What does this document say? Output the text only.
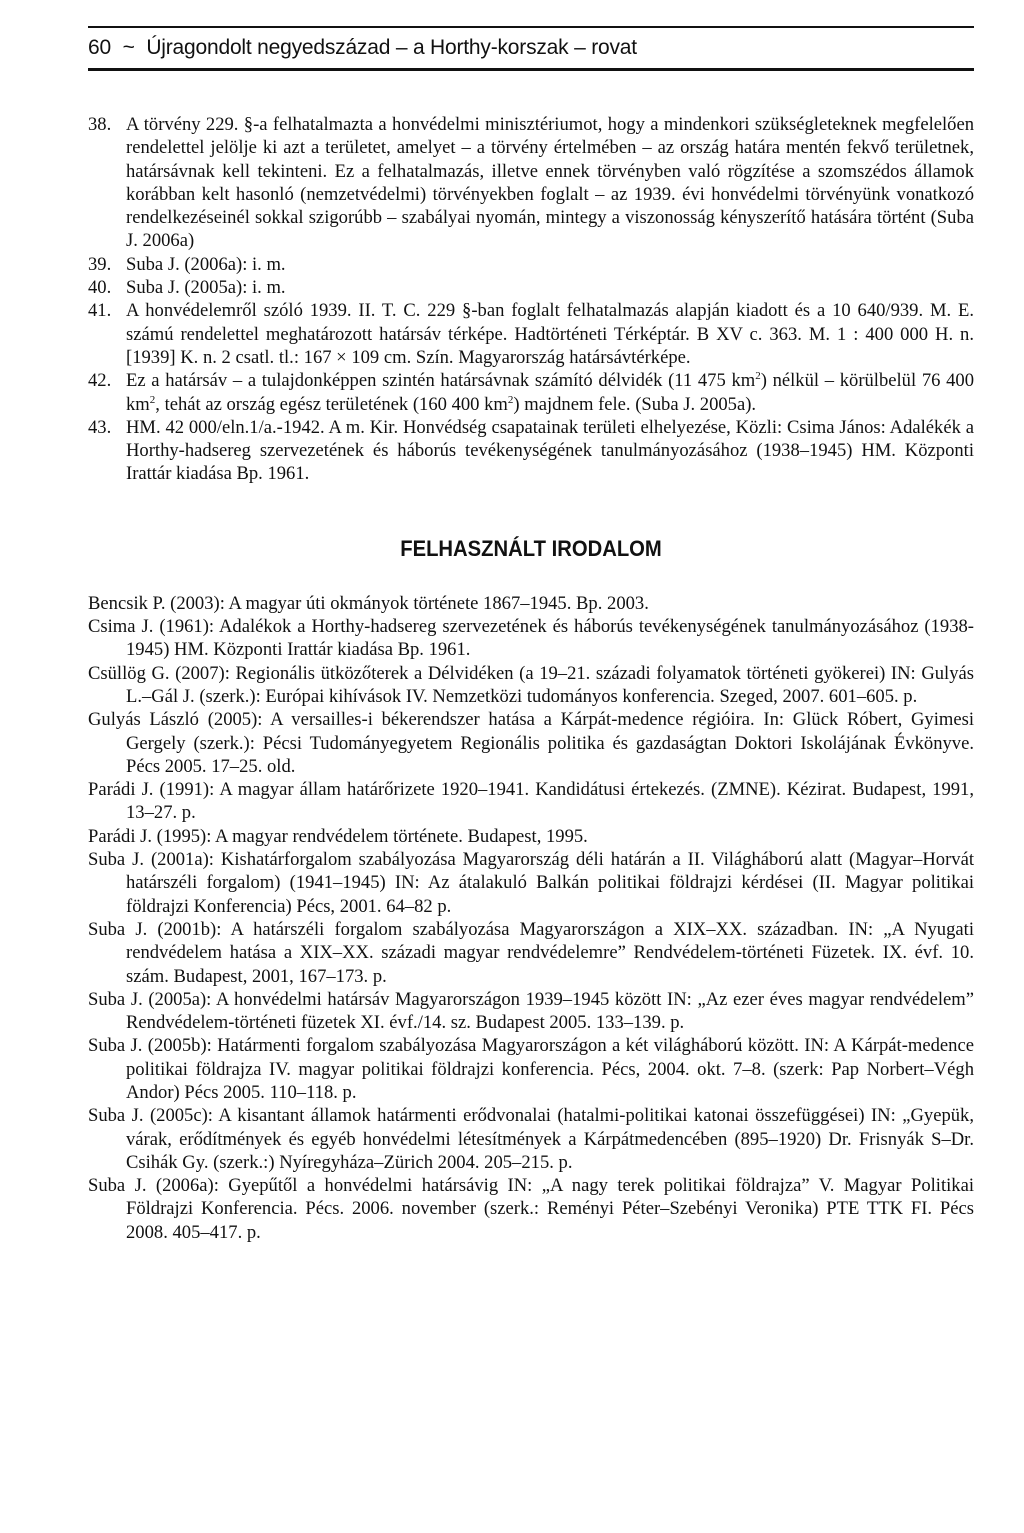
60 ~ Újragondolt negyedszázad – a Horthy-korszak – rovat
38. A törvény 229. §-a felhatalmazta a honvédelmi minisztériumot, hogy a mindenkori szükségleteknek megfelelően rendelettel jelölje ki azt a területet, amelyet – a törvény értelmében – az ország határa mentén fekvő területnek, határsávnak kell tekinteni. Ez a felhatalmazás, illetve ennek törvényben való rögzítése a szomszédos államok korábban kelt hasonló (nemzetvédelmi) törvényekben foglalt – az 1939. évi honvédelmi törvényünk vonatkozó rendelkezéseinél sokkal szigorúbb – szabályai nyomán, mintegy a viszonosság kényszerítő hatására történt (Suba J. 2006a)
39. Suba J. (2006a): i. m.
40. Suba J. (2005a): i. m.
41. A honvédelemről szóló 1939. II. T. C. 229 §-ban foglalt felhatalmazás alapján kiadott és a 10 640/939. M. E. számú rendelettel meghatározott határsáv térképe. Hadtörténeti Térképtár. B XV c. 363. M. 1 : 400 000 H. n. [1939] K. n. 2 csatl. tl.: 167 × 109 cm. Szín. Magyarország határsávtérképe.
42. Ez a határsáv – a tulajdonképpen szintén határsávnak számító délvidék (11 475 $km^2$) nélkül – körülbelül 76 400 $km^2$, tehát az ország egész területének (160 400 $km^2$) majdnem fele. (Suba J. 2005a).
43. HM. 42 000/eln.1/a.-1942. A m. Kir. Honvédség csapatainak területi elhelyezése, Közli: Csima János: Adalékék a Horthy-hadsereg szervezetének és háborús tevékenységének tanulmányozásához (1938–1945) HM. Központi Irattár kiadása Bp. 1961.
FELHASZNÁLT IRODALOM
Bencsik P. (2003): A magyar úti okmányok története 1867–1945. Bp. 2003.
Csima J. (1961): Adalékok a Horthy-hadsereg szervezetének és háborús tevékenységének tanulmányozásához (1938-1945) HM. Központi Irattár kiadása Bp. 1961.
Csüllög G. (2007): Regionális ütközőterek a Délvidéken (a 19–21. századi folyamatok történeti gyökerei) IN: Gulyás L.–Gál J. (szerk.): Európai kihívások IV. Nemzetközi tudományos konferencia. Szeged, 2007. 601–605. p.
Gulyás László (2005): A versailles-i békerendszer hatása a Kárpát-medence régióira. In: Glück Róbert, Gyimesi Gergely (szerk.): Pécsi Tudományegyetem Regionális politika és gazdaságtan Doktori Iskolájának Évkönyve. Pécs 2005. 17–25. old.
Parádi J. (1991): A magyar állam határőrizete 1920–1941. Kandidátusi értekezés. (ZMNE). Kézirat. Budapest, 1991, 13–27. p.
Parádi J. (1995): A magyar rendvédelem története. Budapest, 1995.
Suba J. (2001a): Kishatárforgalom szabályozása Magyarország déli határán a II. Világháború alatt (Magyar–Horvát határszéli forgalom) (1941–1945) IN: Az átalakuló Balkán politikai földrajzi kérdései (II. Magyar politikai földrajzi Konferencia) Pécs, 2001. 64–82 p.
Suba J. (2001b): A határszéli forgalom szabályozása Magyarországon a XIX–XX. században. IN: „A Nyugati rendvédelem hatása a XIX–XX. századi magyar rendvédelemre” Rendvédelem-történeti Füzetek. IX. évf. 10. szám. Budapest, 2001, 167–173. p.
Suba J. (2005a): A honvédelmi határsáv Magyarországon 1939–1945 között IN: „Az ezer éves magyar rendvédelem” Rendvédelem-történeti füzetek XI. évf./14. sz. Budapest 2005. 133–139. p.
Suba J. (2005b): Határmenti forgalom szabályozása Magyarországon a két világháború között. IN: A Kárpát-medence politikai földrajza IV. magyar politikai földrajzi konferencia. Pécs, 2004. okt. 7–8. (szerk: Pap Norbert–Végh Andor) Pécs 2005. 110–118. p.
Suba J. (2005c): A kisantant államok határmenti erődvonalai (hatalmi-politikai katonai összefüggései) IN: „Gyepük, várak, erődítmények és egyéb honvédelmi létesítmények a Kárpátmedencében (895–1920) Dr. Frisnyák S–Dr. Csihák Gy. (szerk.:) Nyíregyháza–Zürich 2004. 205–215. p.
Suba J. (2006a): Gyepűtől a honvédelmi határsávig IN: „A nagy terek politikai földrajza” V. Magyar Politikai Földrajzi Konferencia. Pécs. 2006. november (szerk.: Reményi Péter–Szebényi Veronika) PTE TTK FI. Pécs 2008. 405–417. p.
